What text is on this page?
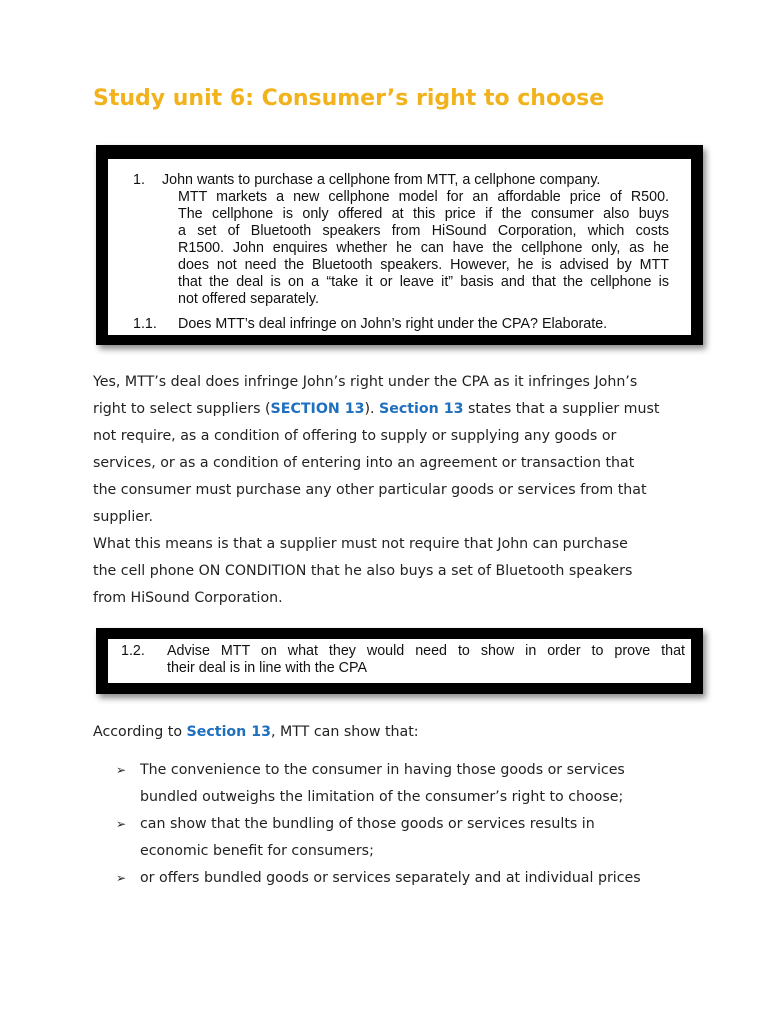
Study unit 6: Consumer’s right to choose
1. John wants to purchase a cellphone from MTT, a cellphone company.
MTT markets a new cellphone model for an affordable price of R500.
The cellphone is only offered at this price if the consumer also buys
a set of Bluetooth speakers from HiSound Corporation, which costs
R1500. John enquires whether he can have the cellphone only, as he
does not need the Bluetooth speakers. However, he is advised by MTT
that the deal is on a “take it or leave it” basis and that the cellphone is
not offered separately.
1.1. Does MTT’s deal infringe on John’s right under the CPA? Elaborate.
Yes, MTT’s deal does infringe John’s right under the CPA as it infringes John’s
right to select suppliers (SECTION 13). Section 13 states that a supplier must
not require, as a condition of offering to supply or supplying any goods or
services, or as a condition of entering into an agreement or transaction that
the consumer must purchase any other particular goods or services from that
supplier.
What this means is that a supplier must not require that John can purchase
the cell phone ON CONDITION that he also buys a set of Bluetooth speakers
from HiSound Corporation.
1.2. Advise MTT on what they would need to show in order to prove that
their deal is in line with the CPA
According to Section 13, MTT can show that:
➢ The convenience to the consumer in having those goods or services
bundled outweighs the limitation of the consumer’s right to choose;
➢ can show that the bundling of those goods or services results in
economic benefit for consumers;
➢ or offers bundled goods or services separately and at individual prices
